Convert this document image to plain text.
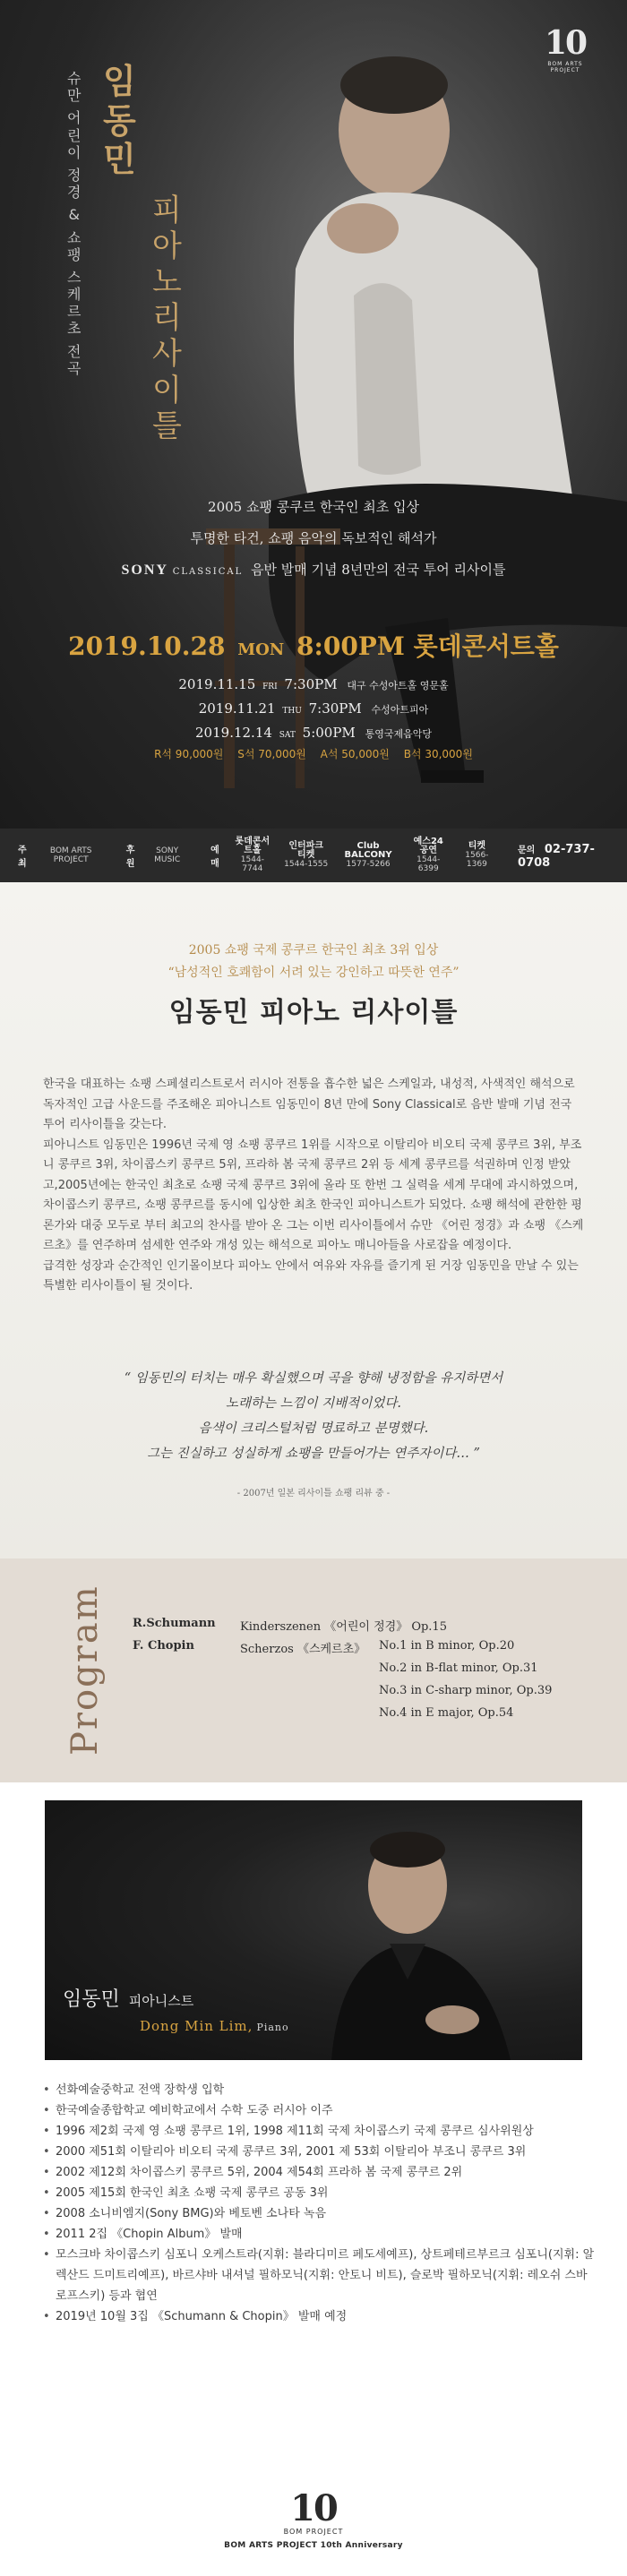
10
BOM ARTS PROJECT
임
동
민
피
아
노
리
사
이
틀
슈
만
어
린
이
정
경
&
쇼
팽
스
케
르
초
전
곡
2005 쇼팽 콩쿠르 한국인 최초 입상
투명한 타건, 쇼팽 음악의 독보적인 해석가
SONY CLASSICAL 음반 발매 기념 8년만의 전국 투어 리사이틀
2019.10.28 MON 8:00PM 롯데콘서트홀
2019.11.15 FRI 7:30PM 대구 수성아트홀 영문홀
2019.11.21 THU 7:30PM 수성아트피아
2019.12.14 SAT 5:00PM 통영국제음악당
R석 90,000원 S석 70,000원 A석 50,000원 B석 30,000원
주최
BOM ARTS PROJECT
후원
SONY MUSIC
예매
롯데콘서트홀
1544-7744
인터파크 티켓
1544-1555
Club BALCONY
1577-5266
예스24 공연
1544-6399
티켓
1566-1369
문의 02-737-0708
2005 쇼팽 국제 콩쿠르 한국인 최초 3위 입상
“남성적인 호쾌함이 서려 있는 강인하고 따뜻한 연주”
임동민 피아노 리사이틀

한국을 대표하는 쇼팽 스페셜리스트로서 러시아 전통을 흡수한 넓은 스케일과, 내성적, 사색적인 해석으로 독자적인 고급 사운드를 주조해온 피아니스트 임동민이 8년 만에 Sony Classical로 음반 발매 기념 전국 투어 리사이틀을 갖는다.

피아니스트 임동민은 1996년 국제 영 쇼팽 콩쿠르 1위를 시작으로 이탈리아 비오티 국제 콩쿠르 3위, 부조니 콩쿠르 3위, 차이콥스키 콩쿠르 5위, 프라하 봄 국제 콩쿠르 2위 등 세계 콩쿠르를 석권하며 인정 받았고,2005년에는 한국인 최초로 쇼팽 국제 콩쿠르 3위에 올라 또 한번 그 실력을 세계 무대에 과시하였으며, 차이콥스키 콩쿠르, 쇼팽 콩쿠르를 동시에 입상한 최초 한국인 피아니스트가 되었다. 쇼팽 해석에 관한한 평론가와 대중 모두로 부터 최고의 찬사를 받아 온 그는 이번 리사이틀에서 슈만 《어린 정경》과 쇼팽 《스케르초》를 연주하며 섬세한 연주와 개성 있는 해석으로 피아노 매니아들을 사로잡을 예정이다.

급격한 성장과 순간적인 인기몰이보다 피아노 안에서 여유와 자유를 즐기게 된 거장 임동민을 만날 수 있는 특별한 리사이틀이 될 것이다.

“ 임동민의 터치는 매우 확실했으며 곡을 향해 냉정함을 유지하면서
노래하는 느낌이 지배적이었다.
음색이 크리스털처럼 명료하고 분명했다.
그는 진실하고 성실하게 쇼팽을 만들어가는 연주자이다… ”
- 2007년 일본 리사이틀 쇼팽 리뷰 중 -
Program R.Schumann Kinderszenen 《어린이 정경》 Op.15
F. Chopin	Scherzos 《스케르초》 No.1 in B minor, Op.20
No.2 in B-flat minor, Op.31
No.3 in C-sharp minor, Op.39
No.4 in E major, Op.54
임동민 피아니스트
Dong Min Lim, Piano
• 선화예술중학교 전액 장학생 입학
• 한국예술종합학교 예비학교에서 수학 도중 러시아 이주
• 1996 제2회 국제 영 쇼팽 콩쿠르 1위, 1998 제11회 국제 차이콥스키 국제 콩쿠르 심사위원상
• 2000 제51회 이탈리아 비오티 국제 콩쿠르 3위, 2001 제 53회 이탈리아 부조니 콩쿠르 3위
• 2002 제12회 차이콥스키 콩쿠르 5위, 2004 제54회 프라하 봄 국제 콩쿠르 2위
• 2005 제15회 한국인 최초 쇼팽 국제 콩쿠르 공동 3위
• 2008 소니비엠지(Sony BMG)와 베토벤 소나타 녹음
• 2011 2집 《Chopin Album》 발매
• 모스크바 차이콥스키 심포니 오케스트라(지휘: 블라디미르 페도세예프), 상트페테르부르크 심포니(지휘: 알렉산드 드미트리예프), 바르샤바 내셔널 필하모닉(지휘: 안토니 비트), 슬로박 필하모닉(지휘: 레오쉬 스바로프스키) 등과 협연
• 2019년 10월 3집 《Schumann & Chopin》 발매 예정
10
BOM PROJECT
BOM ARTS PROJECT 10th Anniversary
